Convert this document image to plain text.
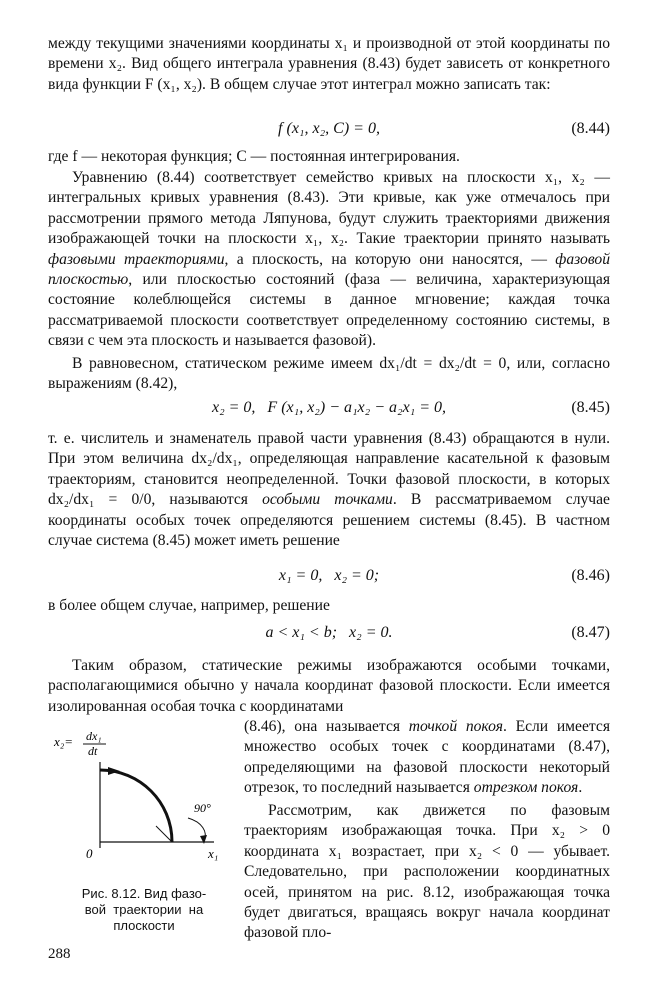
между текущими значениями координаты x₁ и производной от этой координаты по времени x₂. Вид общего интеграла уравнения (8.43) будет зависеть от конкретного вида функции F (x₁, x₂). В общем случае этот интеграл можно записать так:

f (x₁, x₂, C) = 0,	(8.44)

где f — некоторая функция; C — постоянная интегрирования.

Уравнению (8.44) соответствует семейство кривых на плоскости x₁, x₂ — интегральных кривых уравнения (8.43). Эти кривые, как уже отмечалось при рассмотрении прямого метода Ляпунова, будут служить траекториями движения изображающей точки на плоскости x₁, x₂. Такие траектории принято называть фазовыми траекториями, а плоскость, на которую они наносятся, — фазовой плоскостью, или плоскостью состояний (фаза — величина, характеризующая состояние колеблющейся системы в данное мгновение; каждая точка рассматриваемой плоскости соответствует определенному состоянию системы, в связи с чем эта плоскость и называется фазовой).

В равновесном, статическом режиме имеем dx₁/dt = dx₂/dt = 0, или, согласно выражениям (8.42),

x₂ = 0,   F (x₁, x₂) − a₁x₂ − a₂x₁ = 0,	(8.45)

т. е. числитель и знаменатель правой части уравнения (8.43) обращаются в нули. При этом величина dx₂/dx₁, определяющая направление касательной к фазовым траекториям, становится неопределенной. Точки фазовой плоскости, в которых dx₂/dx₁ = 0/0, называются особыми точками. В рассматриваемом случае координаты особых точек определяются решением системы (8.45). В частном случае система (8.45) может иметь решение

x₁ = 0,   x₂ = 0;	(8.46)

в более общем случае, например, решение

a < x₁ < b;   x₂ = 0.	(8.47)

Таким образом, статические режимы изображаются особыми точками, располагающимися обычно у начала координат фазовой плоскости. Если имеется изолированная особая точка с координатами

(8.46), она называется точкой покоя. Если имеется множество особых точек с координатами (8.47), определяющими на фазовой плоскости некоторый отрезок, то последний называется отрезком покоя.

Рассмотрим, как движется по фазовым траекториям изображающая точка. При x₂ > 0 координата x₁ возрастает, при x₂ < 0 — убывает. Следовательно, при расположении координатных осей, принятом на рис. 8.12, изображающая точка будет двигаться, вращаясь вокруг начала координат фазовой пло-

x₂= dx₁
dt
90°
0	x₁

Рис. 8.12. Вид фазо-
вой  траектории  на
плоскости

288
